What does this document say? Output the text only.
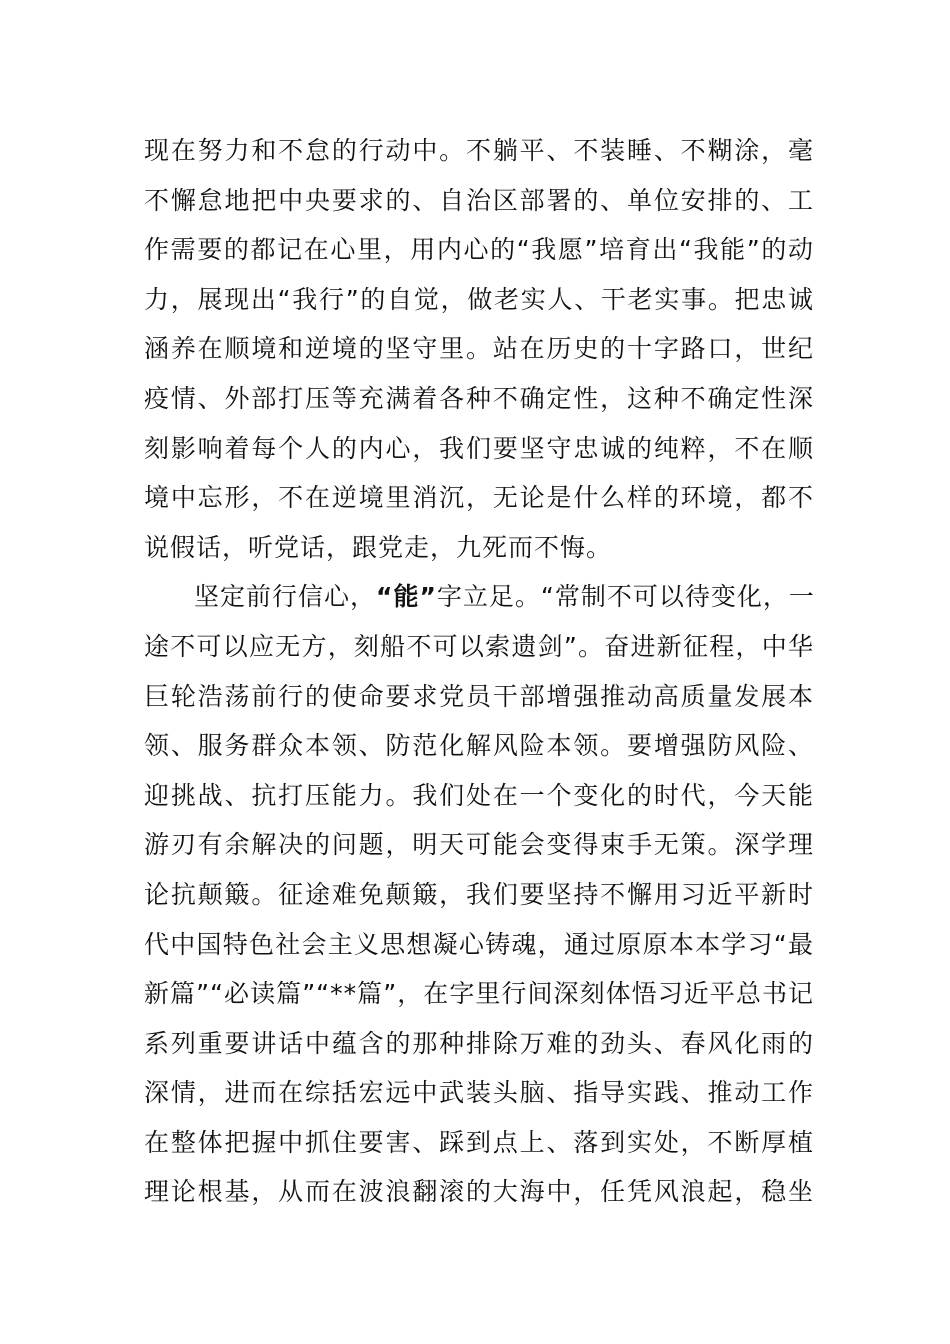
现在努力和不怠的行动中。不躺平、不装睡、不糊涂，毫
不懈怠地把中央要求的、自治区部署的、单位安排的、工
作需要的都记在心里，用内心的“我愿”培育出“我能”的动
力，展现出“我行”的自觉，做老实人、干老实事。把忠诚
涵养在顺境和逆境的坚守里。站在历史的十字路口，世纪
疫情、外部打压等充满着各种不确定性，这种不确定性深
刻影响着每个人的内心，我们要坚守忠诚的纯粹，不在顺
境中忘形，不在逆境里消沉，无论是什么样的环境，都不
说假话，听党话，跟党走，九死而不悔。
坚定前行信心，“能”字立足。“常制不可以待变化，一
途不可以应无方，刻船不可以索遗剑”。奋进新征程，中华
巨轮浩荡前行的使命要求党员干部增强推动高质量发展本
领、服务群众本领、防范化解风险本领。要增强防风险、
迎挑战、抗打压能力。我们处在一个变化的时代，今天能
游刃有余解决的问题，明天可能会变得束手无策。深学理
论抗颠簸。征途难免颠簸，我们要坚持不懈用习近平新时
代中国特色社会主义思想凝心铸魂，通过原原本本学习“最
新篇”“必读篇”“**篇”，在字里行间深刻体悟习近平总书记
系列重要讲话中蕴含的那种排除万难的劲头、春风化雨的
深情，进而在综括宏远中武装头脑、指导实践、推动工作
在整体把握中抓住要害、踩到点上、落到实处，不断厚植
理论根基，从而在波浪翻滚的大海中，任凭风浪起，稳坐
